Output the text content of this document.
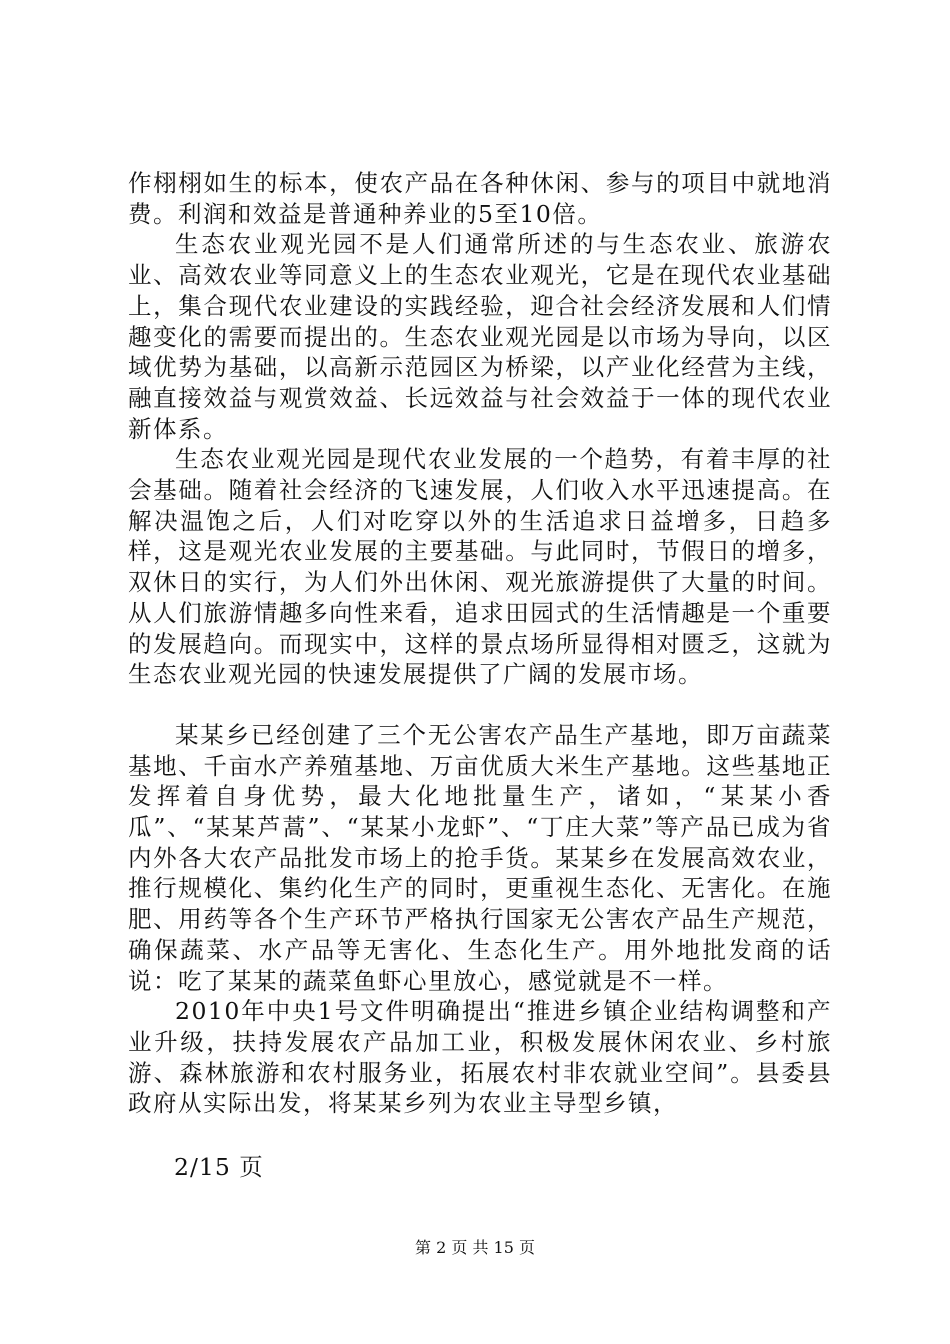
作栩栩如生的标本，使农产品在各种休闲、参与的项目中就地消费。利润和效益是普通种养业的5至10倍。

生态农业观光园不是人们通常所述的与生态农业、旅游农业、高效农业等同意义上的生态农业观光，它是在现代农业基础上，集合现代农业建设的实践经验，迎合社会经济发展和人们情趣变化的需要而提出的。生态农业观光园是以市场为导向，以区域优势为基础，以高新示范园区为桥梁，以产业化经营为主线，融直接效益与观赏效益、长远效益与社会效益于一体的现代农业新体系。

生态农业观光园是现代农业发展的一个趋势，有着丰厚的社会基础。随着社会经济的飞速发展，人们收入水平迅速提高。在解决温饱之后，人们对吃穿以外的生活追求日益增多，日趋多样，这是观光农业发展的主要基础。与此同时，节假日的增多，双休日的实行，为人们外出休闲、观光旅游提供了大量的时间。从人们旅游情趣多向性来看，追求田园式的生活情趣是一个重要的发展趋向。而现实中，这样的景点场所显得相对匮乏，这就为生态农业观光园的快速发展提供了广阔的发展市场。

某某乡已经创建了三个无公害农产品生产基地，即万亩蔬菜基地、千亩水产养殖基地、万亩优质大米生产基地。这些基地正发挥着自身优势，最大化地批量生产，诸如，“某某小香瓜”、“某某芦蒿”、“某某小龙虾”、“丁庄大菜”等产品已成为省内外各大农产品批发市场上的抢手货。某某乡在发展高效农业，推行规模化、集约化生产的同时，更重视生态化、无害化。在施肥、用药等各个生产环节严格执行国家无公害农产品生产规范，确保蔬菜、水产品等无害化、生态化生产。用外地批发商的话说：吃了某某的蔬菜鱼虾心里放心，感觉就是不一样。

2010年中央1号文件明确提出“推进乡镇企业结构调整和产业升级，扶持发展农产品加工业，积极发展休闲农业、乡村旅游、森林旅游和农村服务业，拓展农村非农就业空间”。县委县政府从实际出发，将某某乡列为农业主导型乡镇，

2/15 页
第 2 页 共 15 页
